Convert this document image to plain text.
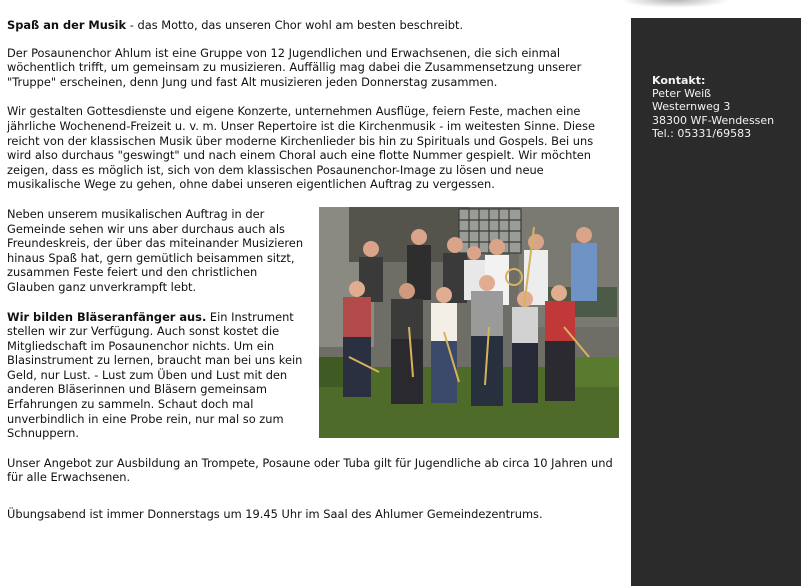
Spaß an der Musik - das Motto, das unseren Chor wohl am besten beschreibt.

Der Posaunenchor Ahlum ist eine Gruppe von 12 Jugendlichen und Erwachsenen, die sich einmal wöchentlich trifft, um gemeinsam zu musizieren. Auffällig mag dabei die Zusammensetzung unserer "Truppe" erscheinen, denn Jung und fast Alt musizieren jeden Donnerstag zusammen.

Wir gestalten Gottesdienste und eigene Konzerte, unternehmen Ausflüge, feiern Feste, machen eine jährliche Wochenend-Freizeit u. v. m. Unser Repertoire ist die Kirchenmusik - im weitesten Sinne. Diese reicht von der klassischen Musik über moderne Kirchenlieder bis hin zu Spirituals und Gospels. Bei uns wird also durchaus "geswingt" und nach einem Choral auch eine flotte Nummer gespielt. Wir möchten zeigen, dass es möglich ist, sich von dem klassischen Posaunenchor-Image zu lösen und neue musikalische Wege zu gehen, ohne dabei unseren eigentlichen Auftrag zu vergessen.

Neben unserem musikalischen Auftrag in der Gemeinde sehen wir uns aber durchaus auch als Freundeskreis, der über das miteinander Musizieren hinaus Spaß hat, gern gemütlich beisammen sitzt, zusammen Feste feiert und den christlichen Glauben ganz unverkrampft lebt.

Wir bilden Bläseranfänger aus. Ein Instrument stellen wir zur Verfügung. Auch sonst kostet die Mitgliedschaft im Posaunenchor nichts. Um ein Blasinstrument zu lernen, braucht man bei uns kein Geld, nur Lust. - Lust zum Üben und Lust mit den anderen Bläserinnen und Bläsern gemeinsam Erfahrungen zu sammeln. Schaut doch mal unverbindlich in eine Probe rein, nur mal so zum Schnuppern.

Unser Angebot zur Ausbildung an Trompete, Posaune oder Tuba gilt für Jugendliche ab circa 10 Jahren und für alle Erwachsenen.

Übungsabend ist immer Donnerstags um 19.45 Uhr im Saal des Ahlumer Gemeindezentrums.

Kontakt:
Peter Weiß
Westernweg 3
38300 WF-Wendessen
Tel.: 05331/69583
